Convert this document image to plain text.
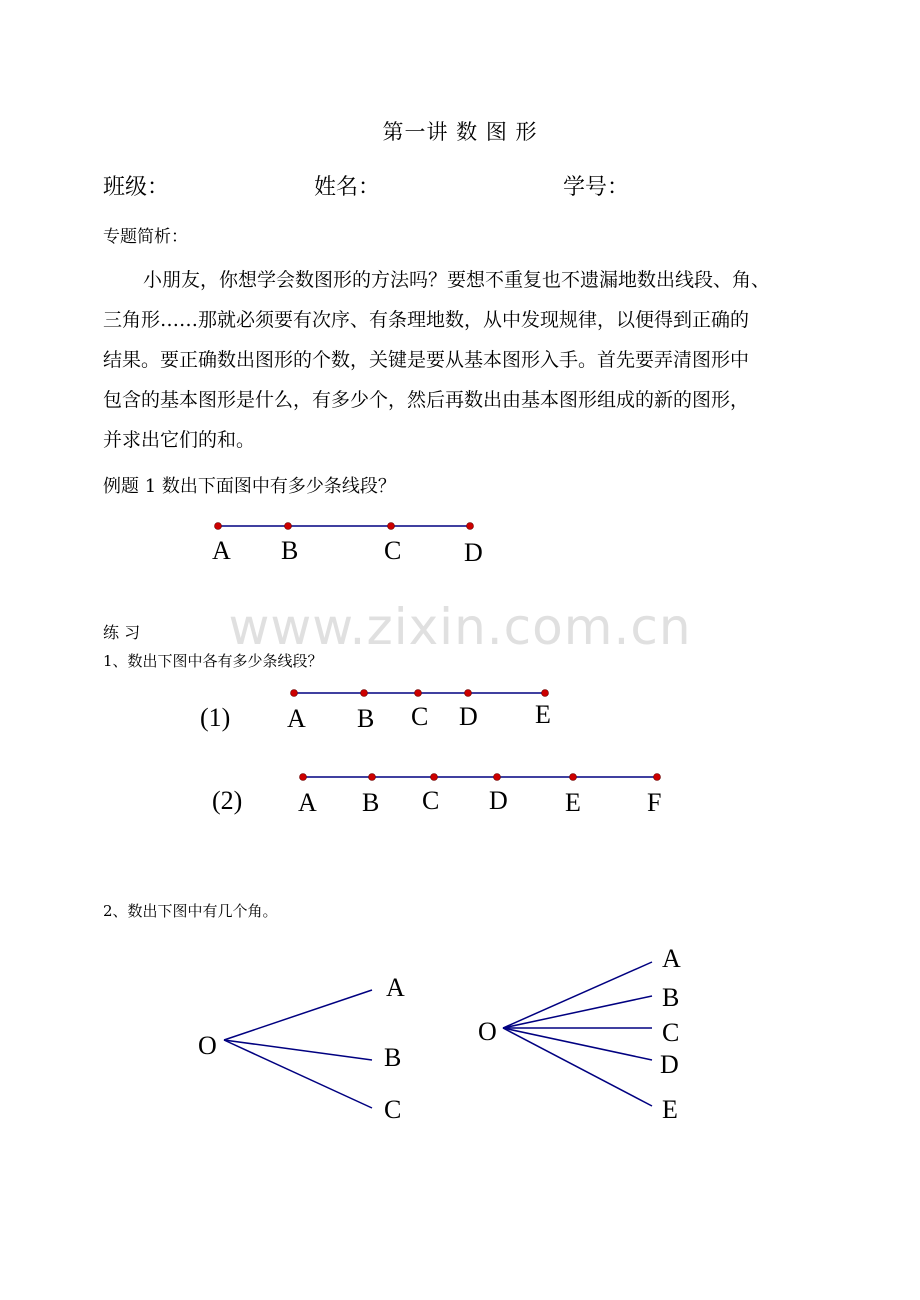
www.zixin.com.cn
第一讲 数 图 形
班级：	姓名：	学号：
专题简析：
小朋友，你想学会数图形的方法吗？要想不重复也不遗漏地数出线段、角、
三角形……那就必须要有次序、有条理地数，从中发现规律，以便得到正确的
结果。要正确数出图形的个数，关键是要从基本图形入手。首先要弄清图形中
包含的基本图形是什么，有多少个，然后再数出由基本图形组成的新的图形，
并求出它们的和。
例题 1 数出下面图中有多少条线段？
练 习
1、数出下图中各有多少条线段？
2、数出下图中有几个角。
A B	C D
(1) A B C D E
(2) A B C D E	F
O
A
B
C
O
A
B
C
D
E
